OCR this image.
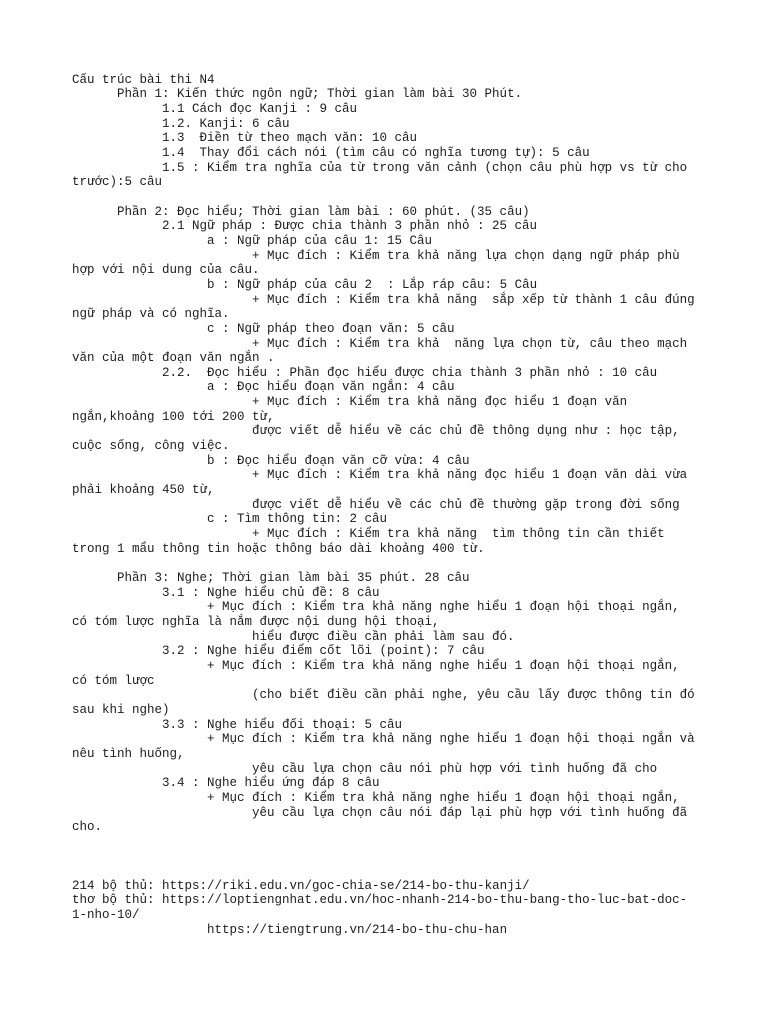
Cấu trúc bài thi N4
Phần 1: Kiến thức ngôn ngữ; Thời gian làm bài 30 Phút.
1.1 Cách đọc Kanji : 9 câu
1.2. Kanji: 6 câu
1.3  Điền từ theo mạch văn: 10 câu
1.4  Thay đổi cách nói (tìm câu có nghĩa tương tự): 5 câu
1.5 : Kiểm tra nghĩa của từ trong văn cảnh (chọn câu phù hợp vs từ cho
trước):5 câu
Phần 2: Đọc hiểu; Thời gian làm bài : 60 phút. (35 câu)
2.1 Ngữ pháp : Được chia thành 3 phần nhỏ : 25 câu
a : Ngữ pháp của câu 1: 15 Câu
+ Mục đích : Kiểm tra khả năng lựa chọn dạng ngữ pháp phù
hợp với nội dung của câu.
b : Ngữ pháp của câu 2  : Lắp ráp câu: 5 Câu
+ Mục đích : Kiểm tra khả năng  sắp xếp từ thành 1 câu đúng
ngữ pháp và có nghĩa.
c : Ngữ pháp theo đoạn văn: 5 câu
+ Mục đích : Kiểm tra khả  năng lựa chọn từ, câu theo mạch
văn của một đoạn văn ngắn .
2.2.  Đọc hiểu : Phần đọc hiểu được chia thành 3 phần nhỏ : 10 câu
a : Đọc hiểu đoạn văn ngắn: 4 câu
+ Mục đích : Kiểm tra khả năng đọc hiểu 1 đoạn văn
ngắn,khoảng 100 tới 200 từ,
được viết dễ hiểu về các chủ đề thông dụng như : học tập,
cuộc sống, công việc.
b : Đọc hiểu đoạn văn cỡ vừa: 4 câu
+ Mục đích : Kiểm tra khả năng đọc hiểu 1 đoạn văn dài vừa
phải khoảng 450 từ,
được viết dễ hiểu về các chủ đề thường gặp trong đời sống
c : Tìm thông tin: 2 câu
+ Mục đích : Kiểm tra khả năng  tìm thông tin cần thiết
trong 1 mẩu thông tin hoặc thông báo dài khoảng 400 từ.
Phần 3: Nghe; Thời gian làm bài 35 phút. 28 câu
3.1 : Nghe hiểu chủ đề: 8 câu
+ Mục đích : Kiểm tra khả năng nghe hiểu 1 đoạn hội thoại ngắn,
có tóm lược nghĩa là nắm được nội dung hội thoại,
hiểu được điều cần phải làm sau đó.
3.2 : Nghe hiểu điểm cốt lõi (point): 7 câu
+ Mục đích : Kiểm tra khả năng nghe hiểu 1 đoạn hội thoại ngắn,
có tóm lược
(cho biết điều cần phải nghe, yêu cầu lấy được thông tin đó
sau khi nghe)
3.3 : Nghe hiểu đối thoại: 5 câu
+ Mục đích : Kiểm tra khả năng nghe hiểu 1 đoạn hội thoại ngắn và
nêu tình huống,
yêu cầu lựa chọn câu nói phù hợp với tình huống đã cho
3.4 : Nghe hiểu ứng đáp 8 câu
+ Mục đích : Kiểm tra khả năng nghe hiểu 1 đoạn hội thoại ngắn,
yêu cầu lựa chọn câu nói đáp lại phù hợp với tình huống đã
cho.
214 bộ thủ: https://riki.edu.vn/goc-chia-se/214-bo-thu-kanji/
thơ bộ thủ: https://loptiengnhat.edu.vn/hoc-nhanh-214-bo-thu-bang-tho-luc-bat-doc-
1-nho-10/
https://tiengtrung.vn/214-bo-thu-chu-han
